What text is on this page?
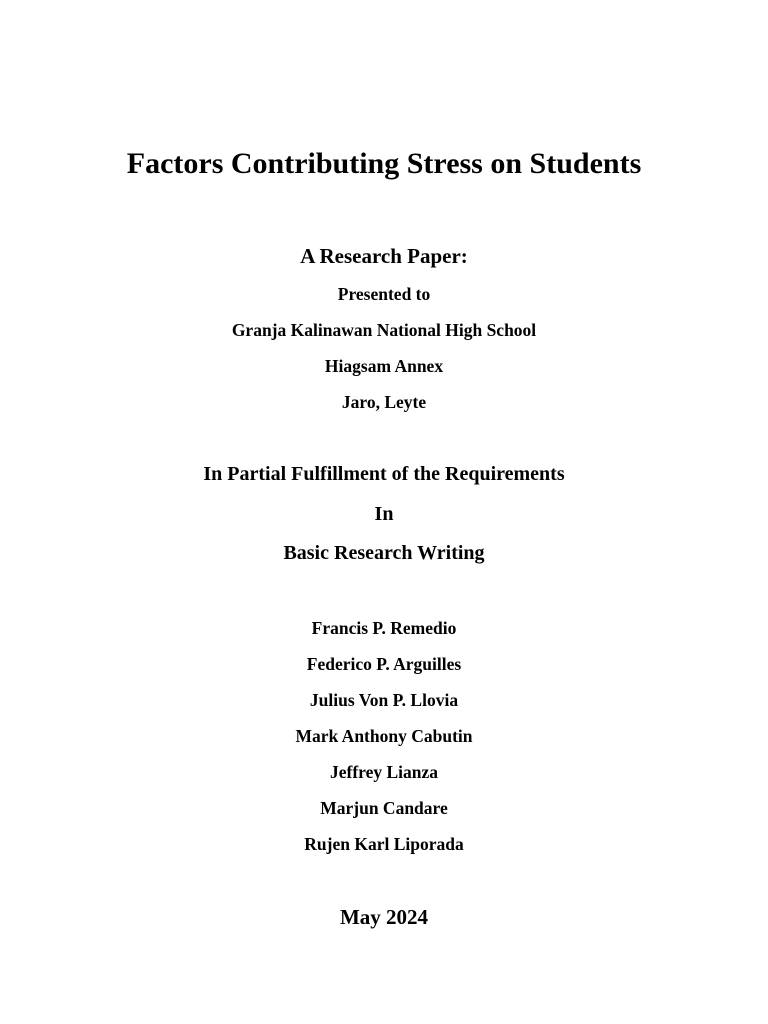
Factors Contributing Stress on Students
A Research Paper:
Presented to
Granja Kalinawan National High School
Hiagsam Annex
Jaro, Leyte
In Partial Fulfillment of the Requirements
In
Basic Research Writing
Francis P. Remedio
Federico P. Arguilles
Julius Von P. Llovia
Mark Anthony Cabutin
Jeffrey Lianza
Marjun Candare
Rujen Karl Liporada
May 2024
